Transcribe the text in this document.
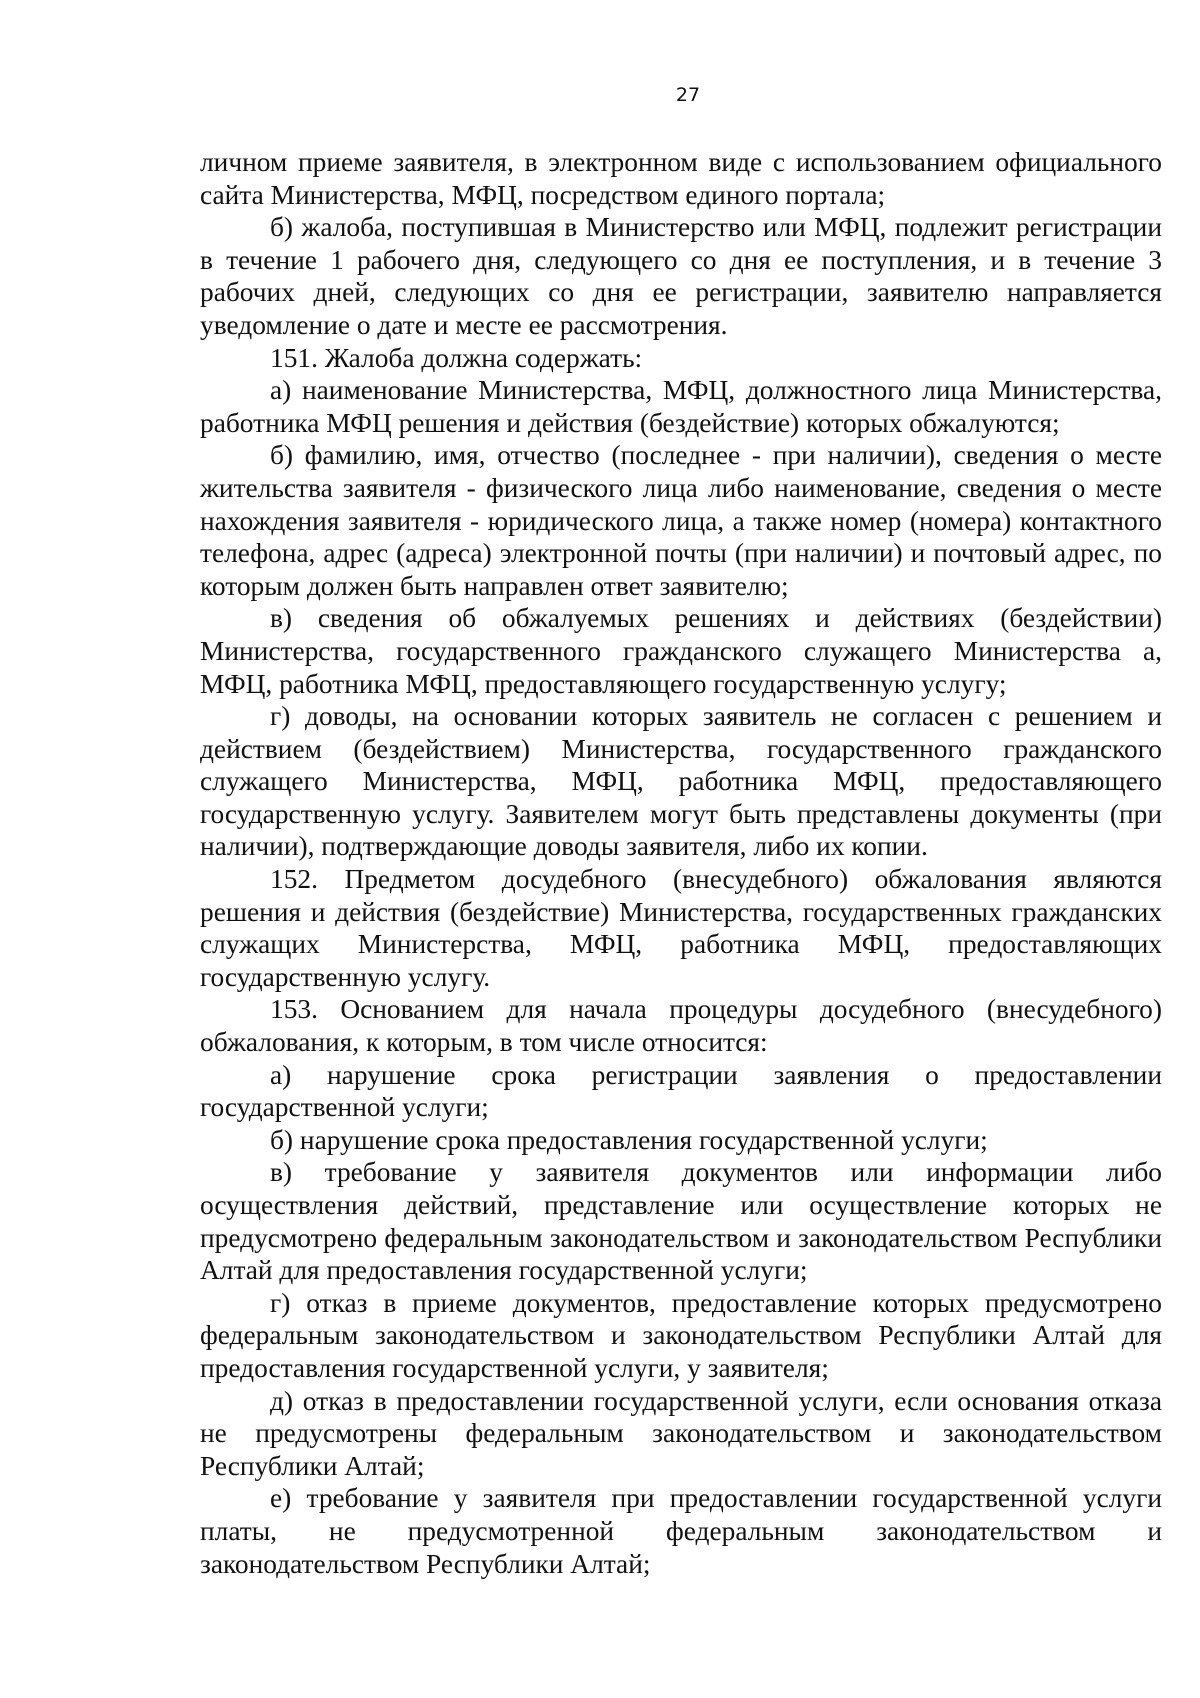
27

личном приеме заявителя, в электронном виде с использованием официального сайта Министерства, МФЦ, посредством единого портала;

б) жалоба, поступившая в Министерство или МФЦ, подлежит регистрации в течение 1 рабочего дня, следующего со дня ее поступления, и в течение 3 рабочих дней, следующих со дня ее регистрации, заявителю направляется уведомление о дате и месте ее рассмотрения.

151. Жалоба должна содержать:

а) наименование Министерства, МФЦ, должностного лица Министерства, работника МФЦ решения и действия (бездействие) которых обжалуются;

б) фамилию, имя, отчество (последнее - при наличии), сведения о месте жительства заявителя - физического лица либо наименование, сведения о месте нахождения заявителя - юридического лица, а также номер (номера) контактного телефона, адрес (адреса) электронной почты (при наличии) и почтовый адрес, по которым должен быть направлен ответ заявителю;

в) сведения об обжалуемых решениях и действиях (бездействии) Министерства, государственного гражданского служащего Министерства а, МФЦ, работника МФЦ, предоставляющего государственную услугу;

г) доводы, на основании которых заявитель не согласен с решением и действием (бездействием) Министерства, государственного гражданского служащего Министерства, МФЦ, работника МФЦ, предоставляющего государственную услугу. Заявителем могут быть представлены документы (при наличии), подтверждающие доводы заявителя, либо их копии.

152. Предметом досудебного (внесудебного) обжалования являются решения и действия (бездействие) Министерства, государственных гражданских служащих Министерства, МФЦ, работника МФЦ, предоставляющих государственную услугу.

153. Основанием для начала процедуры досудебного (внесудебного) обжалования, к которым, в том числе относится:

а) нарушение срока регистрации заявления о предоставлении государственной услуги;

б) нарушение срока предоставления государственной услуги;

в) требование у заявителя документов или информации либо осуществления действий, представление или осуществление которых не предусмотрено федеральным законодательством и законодательством Республики Алтай для предоставления государственной услуги;

г) отказ в приеме документов, предоставление которых предусмотрено федеральным законодательством и законодательством Республики Алтай для предоставления государственной услуги, у заявителя;

д) отказ в предоставлении государственной услуги, если основания отказа не предусмотрены федеральным законодательством и законодательством Республики Алтай;

е) требование у заявителя при предоставлении государственной услуги платы, не предусмотренной федеральным законодательством и законодательством Республики Алтай;
